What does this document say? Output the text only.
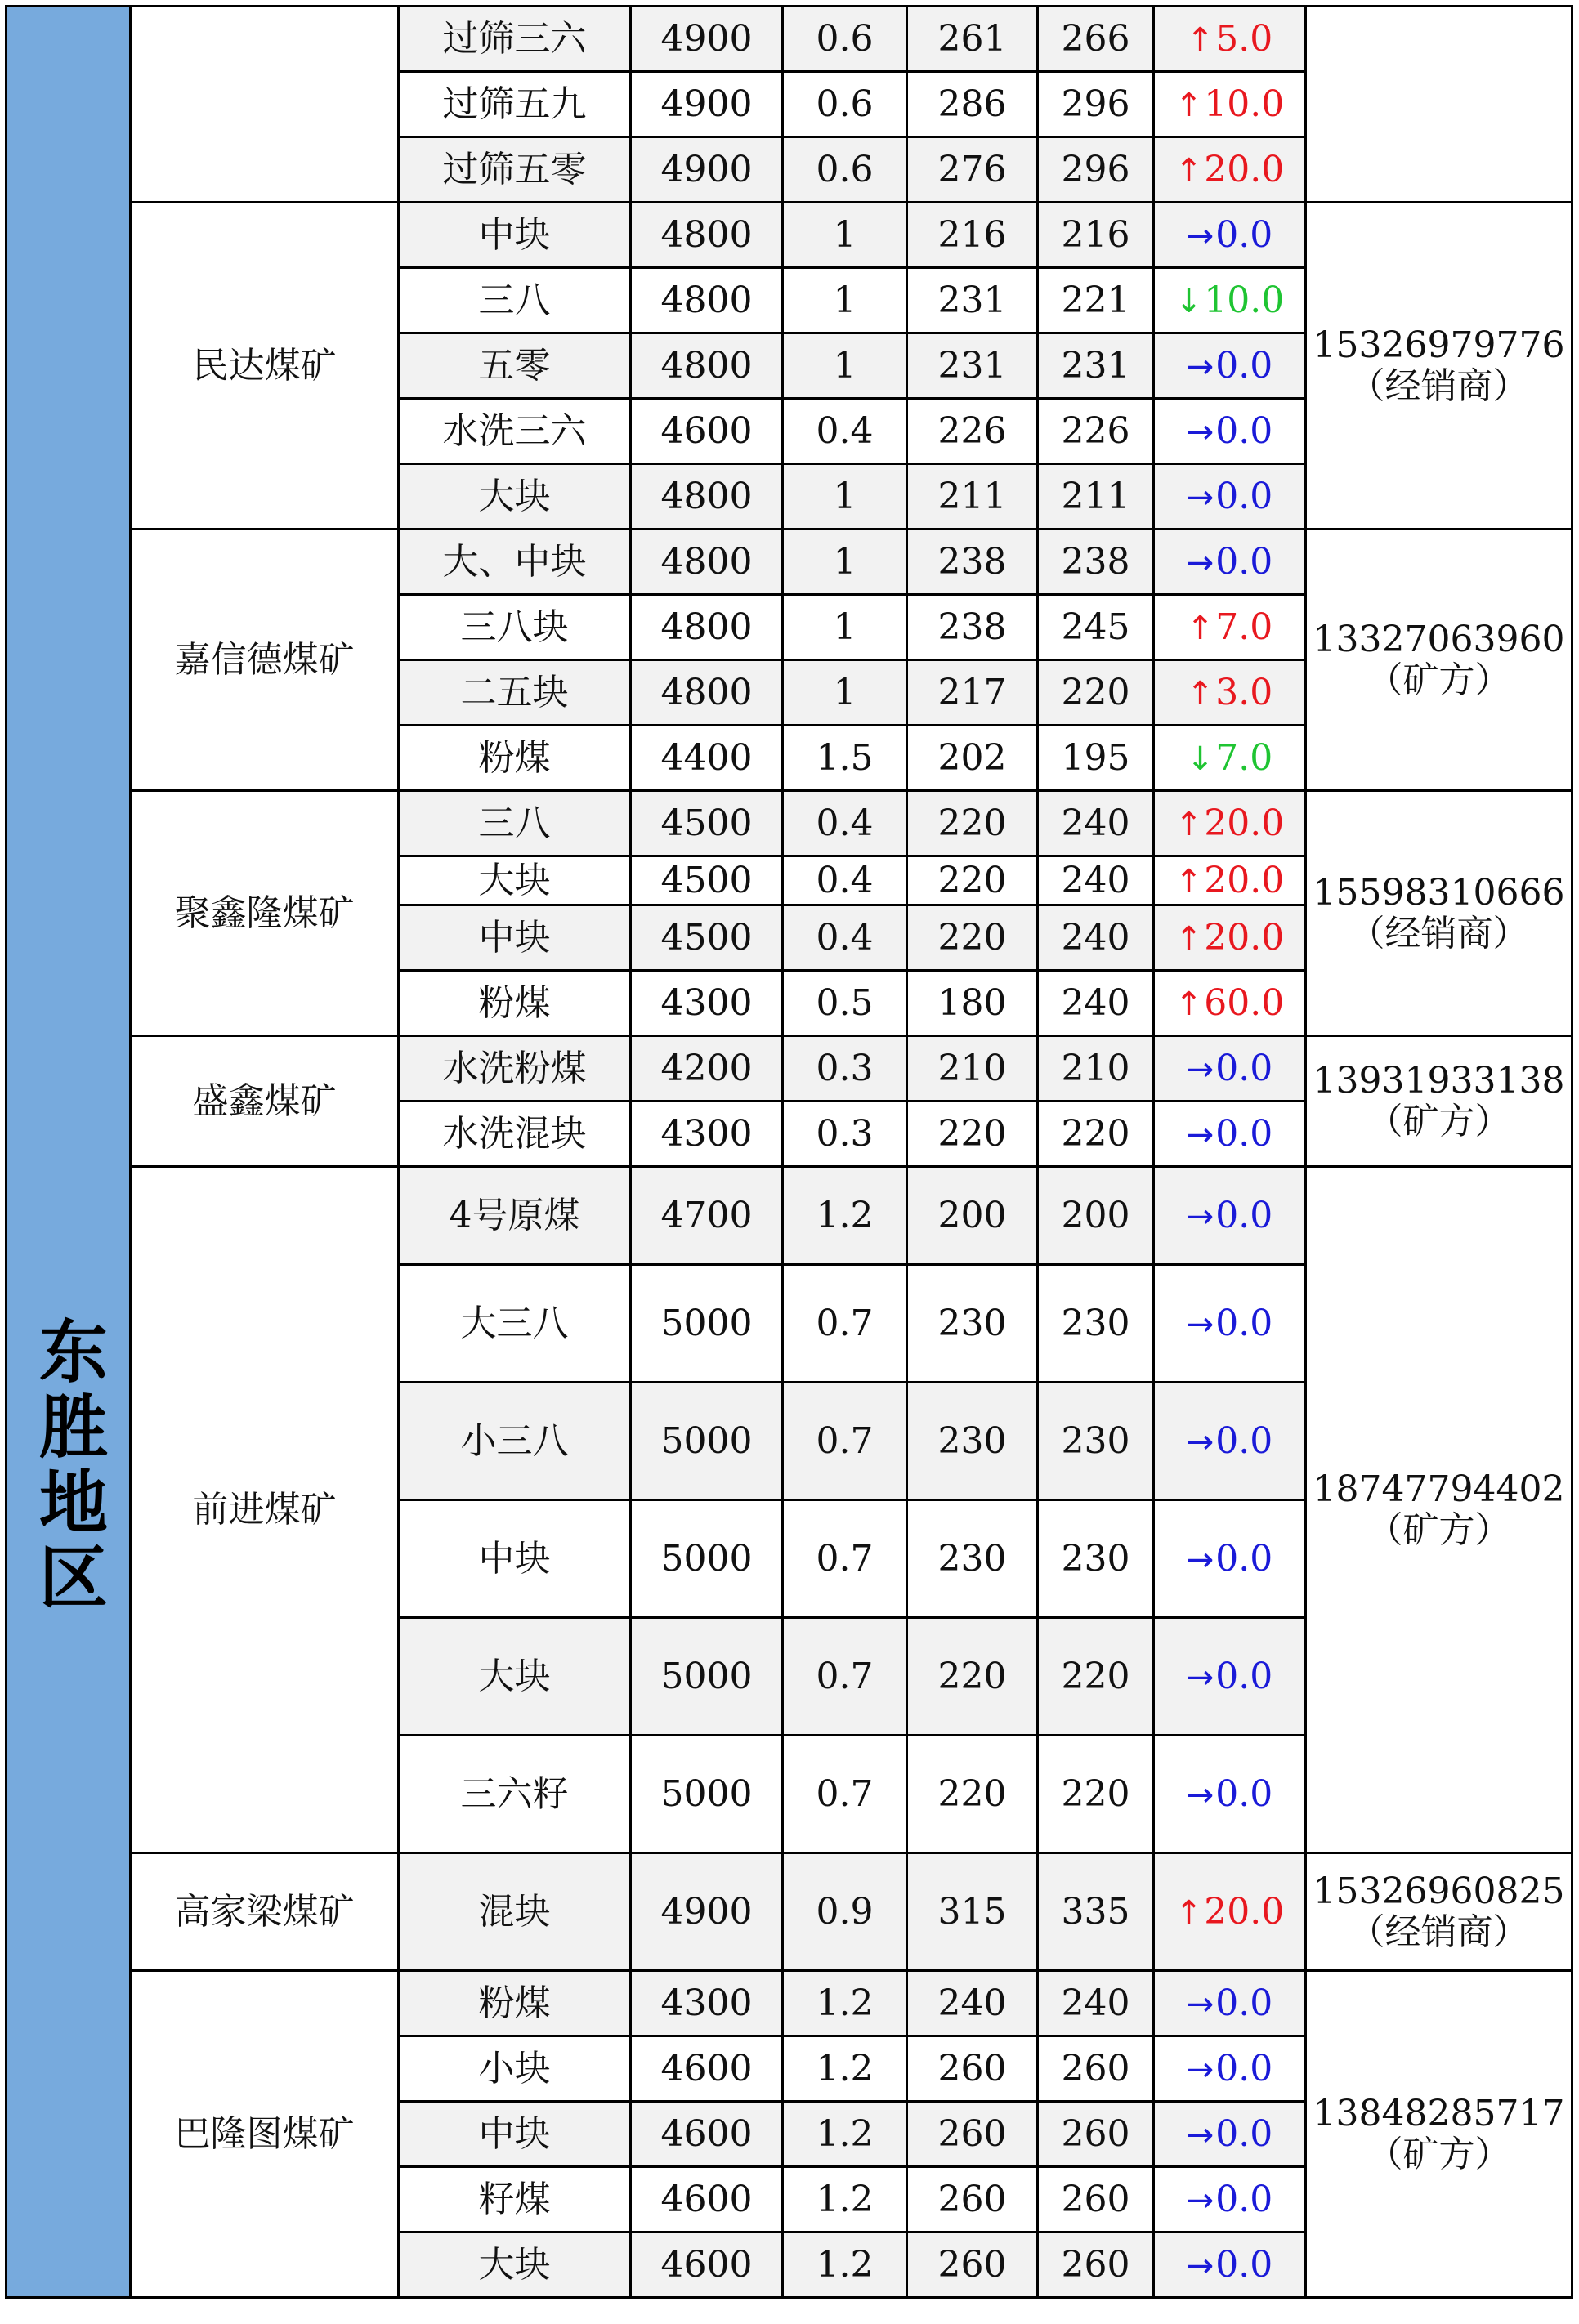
东胜地区		过筛三六	4900	0.6	261	266	↑5.0	

		过筛五九	4900	0.6	286	296	↑10.0	
		过筛五零	4900	0.6	276	296	↑20.0	
	民达煤矿	中块	4800	1	216	216	→0.0	15326979776
（经销商）

		三八	4800	1	231	221	↓10.0	
		五零	4800	1	231	231	→0.0	
		水洗三六	4600	0.4	226	226	→0.0	
		大块	4800	1	211	211	→0.0	
	嘉信德煤矿	大、中块	4800	1	238	238	→0.0	13327063960
（矿方）

		三八块	4800	1	238	245	↑7.0	
		二五块	4800	1	217	220	↑3.0	
		粉煤	4400	1.5	202	195	↓7.0	
	聚鑫隆煤矿	三八	4500	0.4	220	240	↑20.0	15598310666
（经销商）

		大块	4500	0.4	220	240	↑20.0	
		中块	4500	0.4	220	240	↑20.0	
		粉煤	4300	0.5	180	240	↑60.0	
	盛鑫煤矿	水洗粉煤	4200	0.3	210	210	→0.0	13931933138
（矿方）

		水洗混块	4300	0.3	220	220	→0.0	
	前进煤矿	4号原煤	4700	1.2	200	200	→0.0	18747794402
（矿方）

		大三八	5000	0.7	230	230	→0.0	
		小三八	5000	0.7	230	230	→0.0	
		中块	5000	0.7	230	230	→0.0	
		大块	5000	0.7	220	220	→0.0	
		三六籽	5000	0.7	220	220	→0.0	
	高家梁煤矿	混块	4900	0.9	315	335	↑20.0	15326960825
（经销商）

	巴隆图煤矿	粉煤	4300	1.2	240	240	→0.0	13848285717
（矿方）

		小块	4600	1.2	260	260	→0.0	
		中块	4600	1.2	260	260	→0.0	
		籽煤	4600	1.2	260	260	→0.0	
		大块	4600	1.2	260	260	→0.0	
